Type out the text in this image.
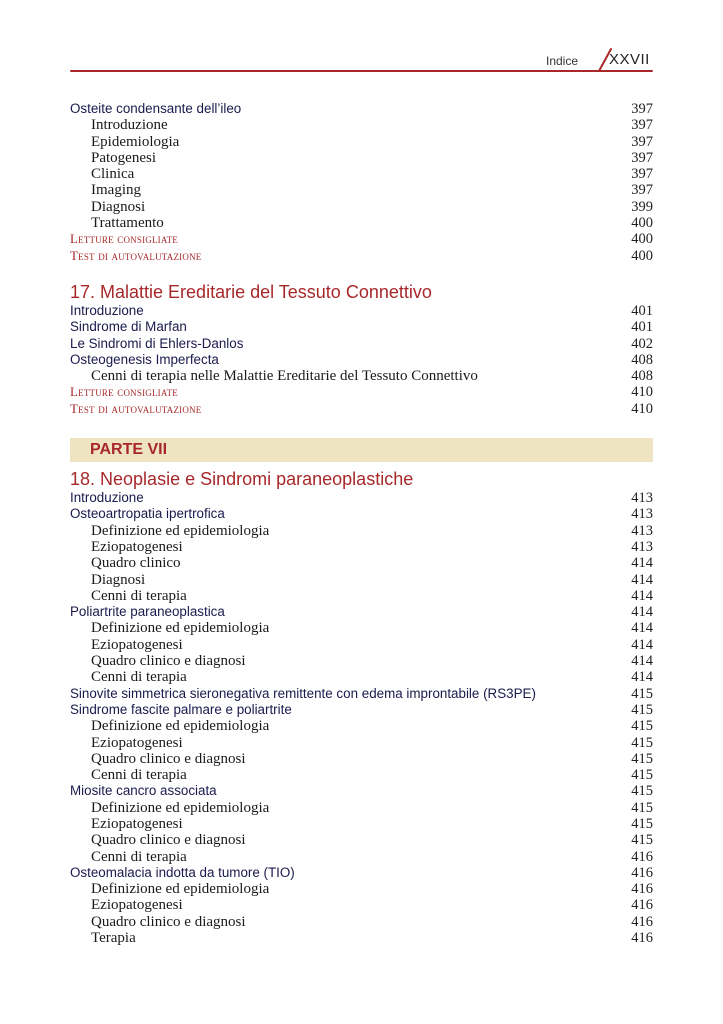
Indice XXVII
Osteite condensante dell’ileo	397
Introduzione	397
Epidemiologia	397
Patogenesi	397
Clinica	397
Imaging	397
Diagnosi	399
Trattamento	400
Letture consigliate	400
Test di autovalutazione	400
17. Malattie Ereditarie del Tessuto Connettivo
Introduzione	401
Sindrome di Marfan	401
Le Sindromi di Ehlers-Danlos	402
Osteogenesis Imperfecta	408
Cenni di terapia nelle Malattie Ereditarie del Tessuto Connettivo	408
Letture consigliate	410
Test di autovalutazione	410
PARTE VII
18. Neoplasie e Sindromi paraneoplastiche
Introduzione	413
Osteoartropatia ipertrofica	413
Definizione ed epidemiologia	413
Eziopatogenesi	413
Quadro clinico	414
Diagnosi	414
Cenni di terapia	414
Poliartrite paraneoplastica	414
Definizione ed epidemiologia	414
Eziopatogenesi	414
Quadro clinico e diagnosi	414
Cenni di terapia	414
Sinovite simmetrica sieronegativa remittente con edema improntabile (RS3PE)	415
Sindrome fascite palmare e poliartrite	415
Definizione ed epidemiologia	415
Eziopatogenesi	415
Quadro clinico e diagnosi	415
Cenni di terapia	415
Miosite cancro associata	415
Definizione ed epidemiologia	415
Eziopatogenesi	415
Quadro clinico e diagnosi	415
Cenni di terapia	416
Osteomalacia indotta da tumore (TIO)	416
Definizione ed epidemiologia	416
Eziopatogenesi	416
Quadro clinico e diagnosi	416
Terapia	416
